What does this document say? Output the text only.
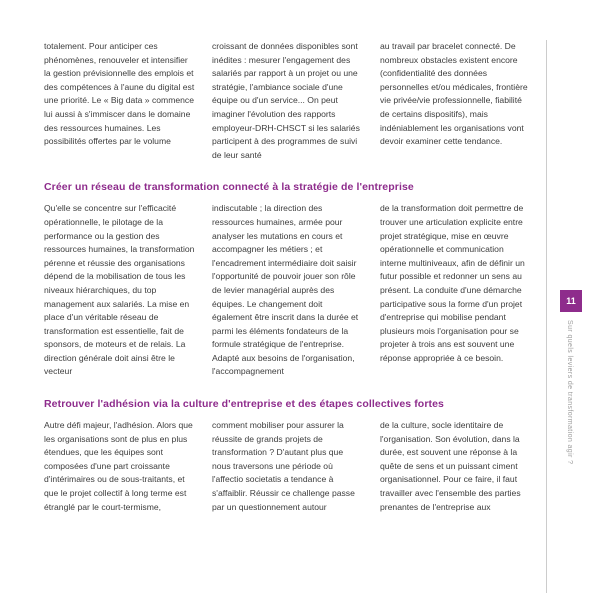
totalement. Pour anticiper ces phénomènes, renouveler et intensifier la gestion prévisionnelle des emplois et des compétences à l'aune du digital est une priorité. Le « Big data » commence lui aussi à s'immiscer dans le domaine des ressources humaines. Les possibilités offertes par le volume
croissant de données disponibles sont inédites : mesurer l'engagement des salariés par rapport à un projet ou une stratégie, l'ambiance sociale d'une équipe ou d'un service... On peut imaginer l'évolution des rapports employeur-DRH-CHSCT si les salariés participent à des programmes de suivi de leur santé
au travail par bracelet connecté. De nombreux obstacles existent encore (confidentialité des données personnelles et/ou médicales, frontière vie privée/vie professionnelle, fiabilité de certains dispositifs), mais indéniablement les organisations vont devoir examiner cette tendance.
Créer un réseau de transformation connecté à la stratégie de l'entreprise
Qu'elle se concentre sur l'efficacité opérationnelle, le pilotage de la performance ou la gestion des ressources humaines, la transformation pérenne et réussie des organisations dépend de la mobilisation de tous les niveaux hiérarchiques, du top management aux salariés. La mise en place d'un véritable réseau de transformation est essentielle, fait de sponsors, de moteurs et de relais. La direction générale doit ainsi être le vecteur
indiscutable ; la direction des ressources humaines, armée pour analyser les mutations en cours et accompagner les métiers ; et l'encadrement intermédiaire doit saisir l'opportunité de pouvoir jouer son rôle de levier managérial auprès des équipes. Le changement doit également être inscrit dans la durée et parmi les éléments fondateurs de la formule stratégique de l'entreprise. Adapté aux besoins de l'organisation, l'accompagnement
de la transformation doit permettre de trouver une articulation explicite entre projet stratégique, mise en œuvre opérationnelle et communication interne multiniveaux, afin de définir un futur possible et redonner un sens au présent. La conduite d'une démarche participative sous la forme d'un projet d'entreprise qui mobilise pendant plusieurs mois l'organisation pour se projeter à trois ans est souvent une réponse appropriée à ce besoin.
Retrouver l'adhésion via la culture d'entreprise et des étapes collectives fortes
Autre défi majeur, l'adhésion. Alors que les organisations sont de plus en plus étendues, que les équipes sont composées d'une part croissante d'intérimaires ou de sous-traitants, et que le projet collectif à long terme est étranglé par le court-termisme,
comment mobiliser pour assurer la réussite de grands projets de transformation ? D'autant plus que nous traversons une période où l'affectio societatis a tendance à s'affaiblir. Réussir ce challenge passe par un questionnement autour
de la culture, socle identitaire de l'organisation. Son évolution, dans la durée, est souvent une réponse à la quête de sens et un puissant ciment organisationnel. Pour ce faire, il faut travailler avec l'ensemble des parties prenantes de l'entreprise aux
11
Sur quels leviers de transformation agir ?
